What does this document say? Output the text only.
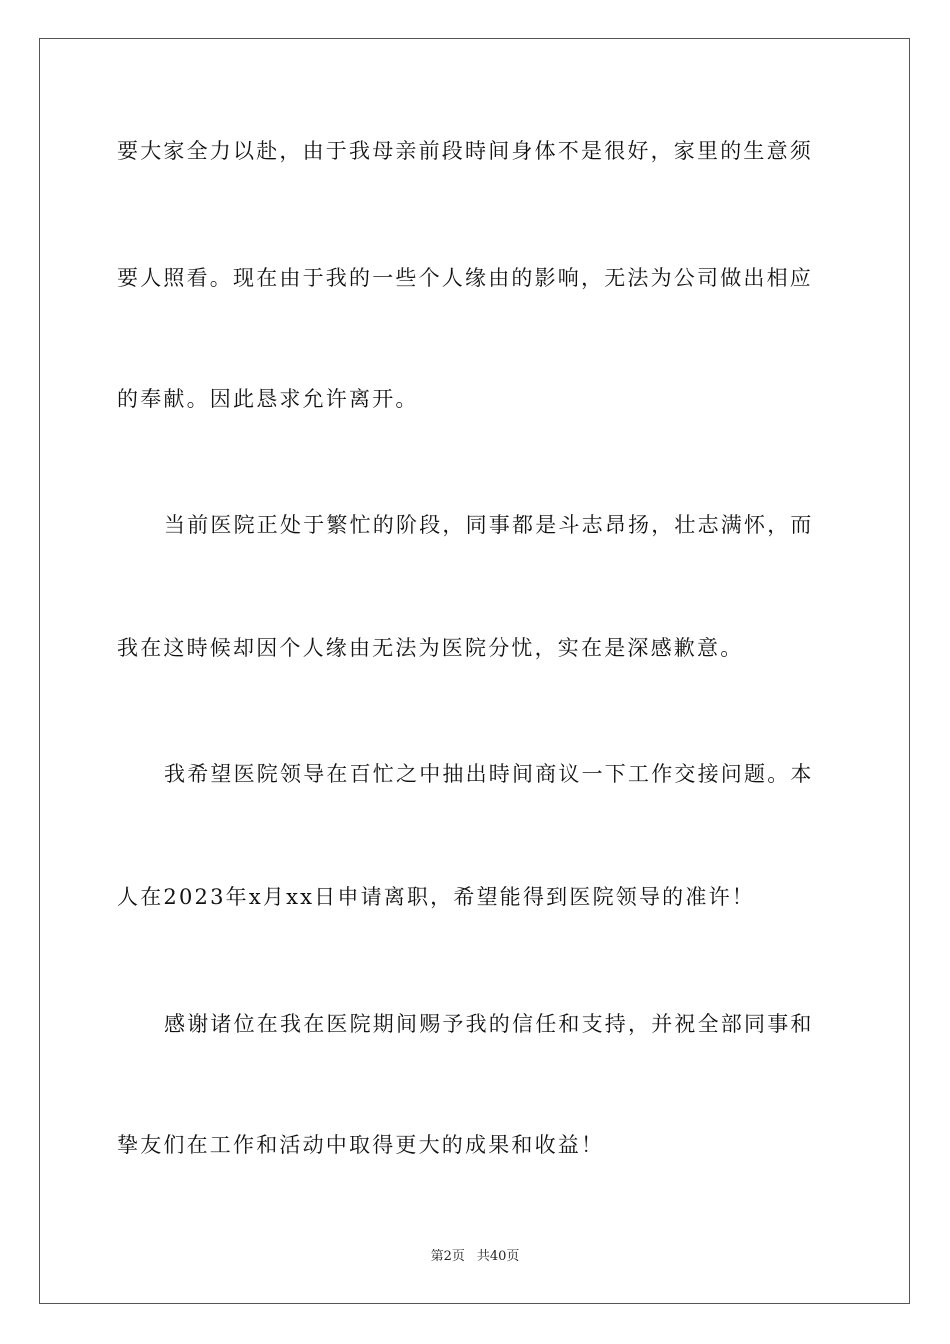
要大家全力以赴，由于我母亲前段時间身体不是很好，家里的生意须
要人照看。现在由于我的一些个人缘由的影响，无法为公司做出相应
的奉献。因此恳求允许离开。
当前医院正处于繁忙的阶段，同事都是斗志昂扬，壮志满怀，而
我在这時候却因个人缘由无法为医院分忧，实在是深感歉意。
我希望医院领导在百忙之中抽出時间商议一下工作交接问题。本
人在2023年x月xx日申请离职，希望能得到医院领导的准许！
感谢诸位在我在医院期间赐予我的信任和支持，并祝全部同事和
挚友们在工作和活动中取得更大的成果和收益！
第2页 共40页
